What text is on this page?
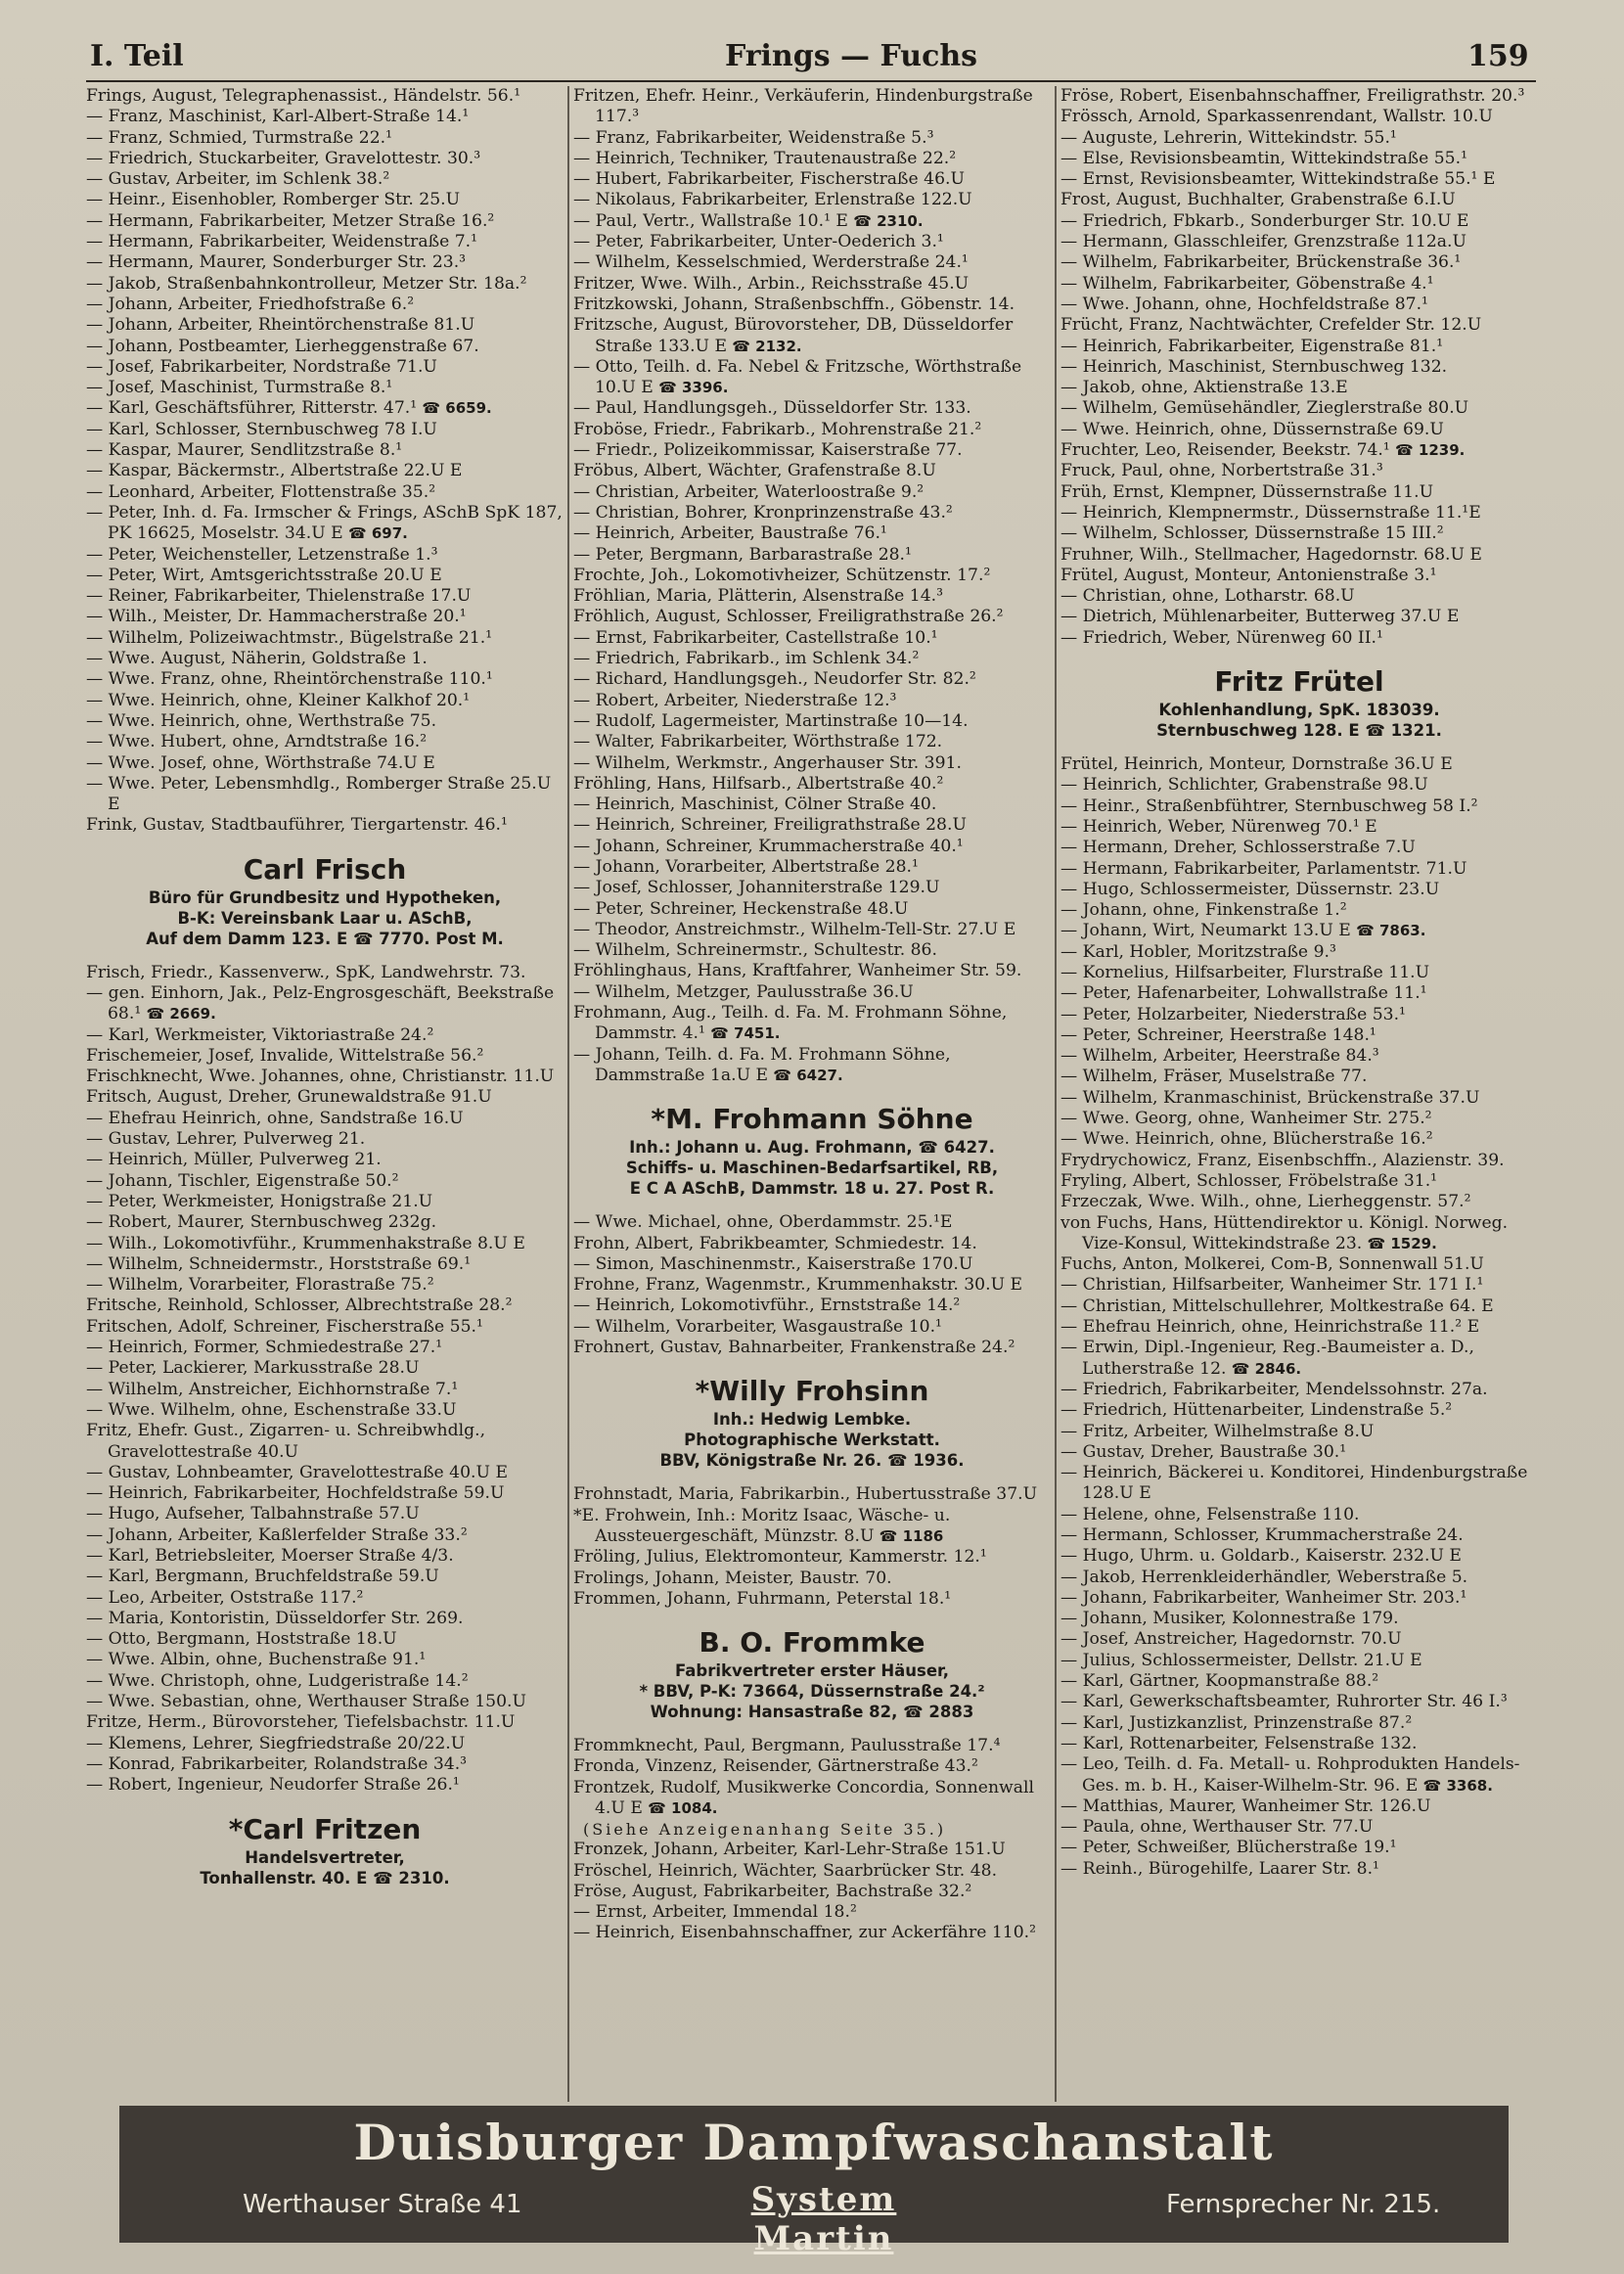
I. Teil	Frings — Fuchs	159
Frings, August, Telegraphenassist., Händelstr. 56.¹
— Franz, Maschinist, Karl-Albert-Straße 14.¹
— Franz, Schmied, Turmstraße 22.¹
— Friedrich, Stuckarbeiter, Gravelottestr. 30.³
— Gustav, Arbeiter, im Schlenk 38.²
— Heinr., Eisenhobler, Romberger Str. 25.U
— Hermann, Fabrikarbeiter, Metzer Straße 16.²
— Hermann, Fabrikarbeiter, Weidenstraße 7.¹
— Hermann, Maurer, Sonderburger Str. 23.³
— Jakob, Straßenbahnkontrolleur, Metzer Str. 18a.²
— Johann, Arbeiter, Friedhofstraße 6.²
— Johann, Arbeiter, Rheintörchenstraße 81.U
— Johann, Postbeamter, Lierheggenstraße 67.
— Josef, Fabrikarbeiter, Nordstraße 71.U
— Josef, Maschinist, Turmstraße 8.¹
— Karl, Geschäftsführer, Ritterstr. 47.¹ ☎ 6659.
— Karl, Schlosser, Sternbuschweg 78 I.U
— Kaspar, Maurer, Sendlitzstraße 8.¹
— Kaspar, Bäckermstr., Albertstraße 22.U E
— Leonhard, Arbeiter, Flottenstraße 35.²
— Peter, Inh. d. Fa. Irmscher & Frings, ASchB SpK 187, PK 16625, Moselstr. 34.U E ☎ 697.
— Peter, Weichensteller, Letzenstraße 1.³
— Peter, Wirt, Amtsgerichtsstraße 20.U E
— Reiner, Fabrikarbeiter, Thielenstraße 17.U
— Wilh., Meister, Dr. Hammacherstraße 20.¹
— Wilhelm, Polizeiwachtmstr., Bügelstraße 21.¹
— Wwe. August, Näherin, Goldstraße 1.
— Wwe. Franz, ohne, Rheintörchenstraße 110.¹
— Wwe. Heinrich, ohne, Kleiner Kalkhof 20.¹
— Wwe. Heinrich, ohne, Werthstraße 75.
— Wwe. Hubert, ohne, Arndtstraße 16.²
— Wwe. Josef, ohne, Wörthstraße 74.U E
— Wwe. Peter, Lebensmhdlg., Romberger Straße 25.U E
Frink, Gustav, Stadtbauführer, Tiergartenstr. 46.¹
Carl Frisch
Büro für Grundbesitz und Hypotheken,
B-K: Vereinsbank Laar u. ASchB,
Auf dem Damm 123. E ☎ 7770. Post M.
Frisch, Friedr., Kassenverw., SpK, Landwehrstr. 73.
— gen. Einhorn, Jak., Pelz-Engrosgeschäft, Beekstraße 68.¹ ☎ 2669.
— Karl, Werkmeister, Viktoriastraße 24.²
Frischemeier, Josef, Invalide, Wittelstraße 56.²
Frischknecht, Wwe. Johannes, ohne, Christianstr. 11.U
Fritsch, August, Dreher, Grunewaldstraße 91.U
— Ehefrau Heinrich, ohne, Sandstraße 16.U
— Gustav, Lehrer, Pulverweg 21.
— Heinrich, Müller, Pulverweg 21.
— Johann, Tischler, Eigenstraße 50.²
— Peter, Werkmeister, Honigstraße 21.U
— Robert, Maurer, Sternbuschweg 232g.
— Wilh., Lokomotivführ., Krummenhakstraße 8.U E
— Wilhelm, Schneidermstr., Horststraße 69.¹
— Wilhelm, Vorarbeiter, Florastraße 75.²
Fritsche, Reinhold, Schlosser, Albrechtstraße 28.²
Fritschen, Adolf, Schreiner, Fischerstraße 55.¹
— Heinrich, Former, Schmiedestraße 27.¹
— Peter, Lackierer, Markusstraße 28.U
— Wilhelm, Anstreicher, Eichhornstraße 7.¹
— Wwe. Wilhelm, ohne, Eschenstraße 33.U
Fritz, Ehefr. Gust., Zigarren- u. Schreibwhdlg., Gravelottestraße 40.U
— Gustav, Lohnbeamter, Gravelottestraße 40.U E
— Heinrich, Fabrikarbeiter, Hochfeldstraße 59.U
— Hugo, Aufseher, Talbahnstraße 57.U
— Johann, Arbeiter, Kaßlerfelder Straße 33.²
— Karl, Betriebsleiter, Moerser Straße 4/3.
— Karl, Bergmann, Bruchfeldstraße 59.U
— Leo, Arbeiter, Oststraße 117.²
— Maria, Kontoristin, Düsseldorfer Str. 269.
— Otto, Bergmann, Hoststraße 18.U
— Wwe. Albin, ohne, Buchenstraße 91.¹
— Wwe. Christoph, ohne, Ludgeristraße 14.²
— Wwe. Sebastian, ohne, Werthauser Straße 150.U
Fritze, Herm., Bürovorsteher, Tiefelsbachstr. 11.U
— Klemens, Lehrer, Siegfriedstraße 20/22.U
— Konrad, Fabrikarbeiter, Rolandstraße 34.³
— Robert, Ingenieur, Neudorfer Straße 26.¹
*Carl Fritzen
Handelsvertreter,
Tonhallenstr. 40. E ☎ 2310.
Fritzen, Ehefr. Heinr., Verkäuferin, Hindenburgstraße 117.³
— Franz, Fabrikarbeiter, Weidenstraße 5.³
— Heinrich, Techniker, Trautenaustraße 22.²
— Hubert, Fabrikarbeiter, Fischerstraße 46.U
— Nikolaus, Fabrikarbeiter, Erlenstraße 122.U
— Paul, Vertr., Wallstraße 10.¹ E ☎ 2310.
— Peter, Fabrikarbeiter, Unter-Oederich 3.¹
— Wilhelm, Kesselschmied, Werderstraße 24.¹
Fritzer, Wwe. Wilh., Arbin., Reichsstraße 45.U
Fritzkowski, Johann, Straßenbschffn., Göbenstr. 14.
Fritzsche, August, Bürovorsteher, DB, Düsseldorfer Straße 133.U E ☎ 2132.
— Otto, Teilh. d. Fa. Nebel & Fritzsche, Wörthstraße 10.U E ☎ 3396.
— Paul, Handlungsgeh., Düsseldorfer Str. 133.
Froböse, Friedr., Fabrikarb., Mohrenstraße 21.²
— Friedr., Polizeikommissar, Kaiserstraße 77.
Fröbus, Albert, Wächter, Grafenstraße 8.U
— Christian, Arbeiter, Waterloostraße 9.²
— Christian, Bohrer, Kronprinzenstraße 43.²
— Heinrich, Arbeiter, Baustraße 76.¹
— Peter, Bergmann, Barbarastraße 28.¹
Frochte, Joh., Lokomotivheizer, Schützenstr. 17.²
Fröhlian, Maria, Plätterin, Alsenstraße 14.³
Fröhlich, August, Schlosser, Freiligrathstraße 26.²
— Ernst, Fabrikarbeiter, Castellstraße 10.¹
— Friedrich, Fabrikarb., im Schlenk 34.²
— Richard, Handlungsgeh., Neudorfer Str. 82.²
— Robert, Arbeiter, Niederstraße 12.³
— Rudolf, Lagermeister, Martinstraße 10—14.
— Walter, Fabrikarbeiter, Wörthstraße 172.
— Wilhelm, Werkmstr., Angerhauser Str. 391.
Fröhling, Hans, Hilfsarb., Albertstraße 40.²
— Heinrich, Maschinist, Cölner Straße 40.
— Heinrich, Schreiner, Freiligrathstraße 28.U
— Johann, Schreiner, Krummacherstraße 40.¹
— Johann, Vorarbeiter, Albertstraße 28.¹
— Josef, Schlosser, Johanniterstraße 129.U
— Peter, Schreiner, Heckenstraße 48.U
— Theodor, Anstreichmstr., Wilhelm-Tell-Str. 27.U E
— Wilhelm, Schreinermstr., Schultestr. 86.
Fröhlinghaus, Hans, Kraftfahrer, Wanheimer Str. 59.
— Wilhelm, Metzger, Paulusstraße 36.U
Frohmann, Aug., Teilh. d. Fa. M. Frohmann Söhne, Dammstr. 4.¹ ☎ 7451.
— Johann, Teilh. d. Fa. M. Frohmann Söhne, Dammstraße 1a.U E ☎ 6427.
*M. Frohmann Söhne
Inh.: Johann u. Aug. Frohmann, ☎ 6427.
Schiffs- u. Maschinen-Bedarfsartikel, RB,
E C A ASchB, Dammstr. 18 u. 27. Post R.
— Wwe. Michael, ohne, Oberdammstr. 25.¹E
Frohn, Albert, Fabrikbeamter, Schmiedestr. 14.
— Simon, Maschinenmstr., Kaiserstraße 170.U
Frohne, Franz, Wagenmstr., Krummenhakstr. 30.U E
— Heinrich, Lokomotivführ., Ernststraße 14.²
— Wilhelm, Vorarbeiter, Wasgaustraße 10.¹
Frohnert, Gustav, Bahnarbeiter, Frankenstraße 24.²
*Willy Frohsinn
Inh.: Hedwig Lembke.
Photographische Werkstatt.
BBV, Königstraße Nr. 26. ☎ 1936.
Frohnstadt, Maria, Fabrikarbin., Hubertusstraße 37.U
*E. Frohwein, Inh.: Moritz Isaac, Wäsche- u. Aussteuergeschäft, Münzstr. 8.U ☎ 1186
Fröling, Julius, Elektromonteur, Kammerstr. 12.¹
Frolings, Johann, Meister, Baustr. 70.
Frommen, Johann, Fuhrmann, Peterstal 18.¹
B. O. Frommke
Fabrikvertreter erster Häuser,
* BBV, P-K: 73664, Düssernstraße 24.²
Wohnung: Hansastraße 82, ☎ 2883
Frommknecht, Paul, Bergmann, Paulusstraße 17.⁴
Fronda, Vinzenz, Reisender, Gärtnerstraße 43.²
Frontzek, Rudolf, Musikwerke Concordia, Sonnenwall 4.U E ☎ 1084.
(Siehe Anzeigenanhang Seite 35.)
Fronzek, Johann, Arbeiter, Karl-Lehr-Straße 151.U
Fröschel, Heinrich, Wächter, Saarbrücker Str. 48.
Fröse, August, Fabrikarbeiter, Bachstraße 32.²
— Ernst, Arbeiter, Immendal 18.²
— Heinrich, Eisenbahnschaffner, zur Ackerfähre 110.²
Fröse, Robert, Eisenbahnschaffner, Freiligrathstr. 20.³
Frössch, Arnold, Sparkassenrendant, Wallstr. 10.U
— Auguste, Lehrerin, Wittekindstr. 55.¹
— Else, Revisionsbeamtin, Wittekindstraße 55.¹
— Ernst, Revisionsbeamter, Wittekindstraße 55.¹ E
Frost, August, Buchhalter, Grabenstraße 6.I.U
— Friedrich, Fbkarb., Sonderburger Str. 10.U E
— Hermann, Glasschleifer, Grenzstraße 112a.U
— Wilhelm, Fabrikarbeiter, Brückenstraße 36.¹
— Wilhelm, Fabrikarbeiter, Göbenstraße 4.¹
— Wwe. Johann, ohne, Hochfeldstraße 87.¹
Frücht, Franz, Nachtwächter, Crefelder Str. 12.U
— Heinrich, Fabrikarbeiter, Eigenstraße 81.¹
— Heinrich, Maschinist, Sternbuschweg 132.
— Jakob, ohne, Aktienstraße 13.E
— Wilhelm, Gemüsehändler, Zieglerstraße 80.U
— Wwe. Heinrich, ohne, Düssernstraße 69.U
Fruchter, Leo, Reisender, Beekstr. 74.¹ ☎ 1239.
Fruck, Paul, ohne, Norbertstraße 31.³
Früh, Ernst, Klempner, Düssernstraße 11.U
— Heinrich, Klempnermstr., Düssernstraße 11.¹E
— Wilhelm, Schlosser, Düssernstraße 15 III.²
Fruhner, Wilh., Stellmacher, Hagedornstr. 68.U E
Frütel, August, Monteur, Antonienstraße 3.¹
— Christian, ohne, Lotharstr. 68.U
— Dietrich, Mühlenarbeiter, Butterweg 37.U E
— Friedrich, Weber, Nürenweg 60 II.¹
Fritz Frütel
Kohlenhandlung, SpK. 183039.
Sternbuschweg 128. E ☎ 1321.
Frütel, Heinrich, Monteur, Dornstraße 36.U E
— Heinrich, Schlichter, Grabenstraße 98.U
— Heinr., Straßenbfühtrer, Sternbuschweg 58 I.²
— Heinrich, Weber, Nürenweg 70.¹ E
— Hermann, Dreher, Schlosserstraße 7.U
— Hermann, Fabrikarbeiter, Parlamentstr. 71.U
— Hugo, Schlossermeister, Düssernstr. 23.U
— Johann, ohne, Finkenstraße 1.²
— Johann, Wirt, Neumarkt 13.U E ☎ 7863.
— Karl, Hobler, Moritzstraße 9.³
— Kornelius, Hilfsarbeiter, Flurstraße 11.U
— Peter, Hafenarbeiter, Lohwallstraße 11.¹
— Peter, Holzarbeiter, Niederstraße 53.¹
— Peter, Schreiner, Heerstraße 148.¹
— Wilhelm, Arbeiter, Heerstraße 84.³
— Wilhelm, Fräser, Muselstraße 77.
— Wilhelm, Kranmaschinist, Brückenstraße 37.U
— Wwe. Georg, ohne, Wanheimer Str. 275.²
— Wwe. Heinrich, ohne, Blücherstraße 16.²
Frydrychowicz, Franz, Eisenbschffn., Alazienstr. 39.
Fryling, Albert, Schlosser, Fröbelstraße 31.¹
Frzeczak, Wwe. Wilh., ohne, Lierheggenstr. 57.²
von Fuchs, Hans, Hüttendirektor u. Königl. Norweg. Vize-Konsul, Wittekindstraße 23. ☎ 1529.
Fuchs, Anton, Molkerei, Com-B, Sonnenwall 51.U
— Christian, Hilfsarbeiter, Wanheimer Str. 171 I.¹
— Christian, Mittelschullehrer, Moltkestraße 64. E
— Ehefrau Heinrich, ohne, Heinrichstraße 11.² E
— Erwin, Dipl.-Ingenieur, Reg.-Baumeister a. D., Lutherstraße 12. ☎ 2846.
— Friedrich, Fabrikarbeiter, Mendelssohnstr. 27a.
— Friedrich, Hüttenarbeiter, Lindenstraße 5.²
— Fritz, Arbeiter, Wilhelmstraße 8.U
— Gustav, Dreher, Baustraße 30.¹
— Heinrich, Bäckerei u. Konditorei, Hindenburgstraße 128.U E
— Helene, ohne, Felsenstraße 110.
— Hermann, Schlosser, Krummacherstraße 24.
— Hugo, Uhrm. u. Goldarb., Kaiserstr. 232.U E
— Jakob, Herrenkleiderhändler, Weberstraße 5.
— Johann, Fabrikarbeiter, Wanheimer Str. 203.¹
— Johann, Musiker, Kolonnestraße 179.
— Josef, Anstreicher, Hagedornstr. 70.U
— Julius, Schlossermeister, Dellstr. 21.U E
— Karl, Gärtner, Koopmanstraße 88.²
— Karl, Gewerkschaftsbeamter, Ruhrorter Str. 46 I.³
— Karl, Justizkanzlist, Prinzenstraße 87.²
— Karl, Rottenarbeiter, Felsenstraße 132.
— Leo, Teilh. d. Fa. Metall- u. Rohprodukten Handels-Ges. m. b. H., Kaiser-Wilhelm-Str. 96. E ☎ 3368.
— Matthias, Maurer, Wanheimer Str. 126.U
— Paula, ohne, Werthauser Str. 77.U
— Peter, Schweißer, Blücherstraße 19.¹
— Reinh., Bürogehilfe, Laarer Str. 8.¹
Duisburger Dampfwaschanstalt
Werthauser Straße 41	System Martin
Fernsprecher Nr. 215.
